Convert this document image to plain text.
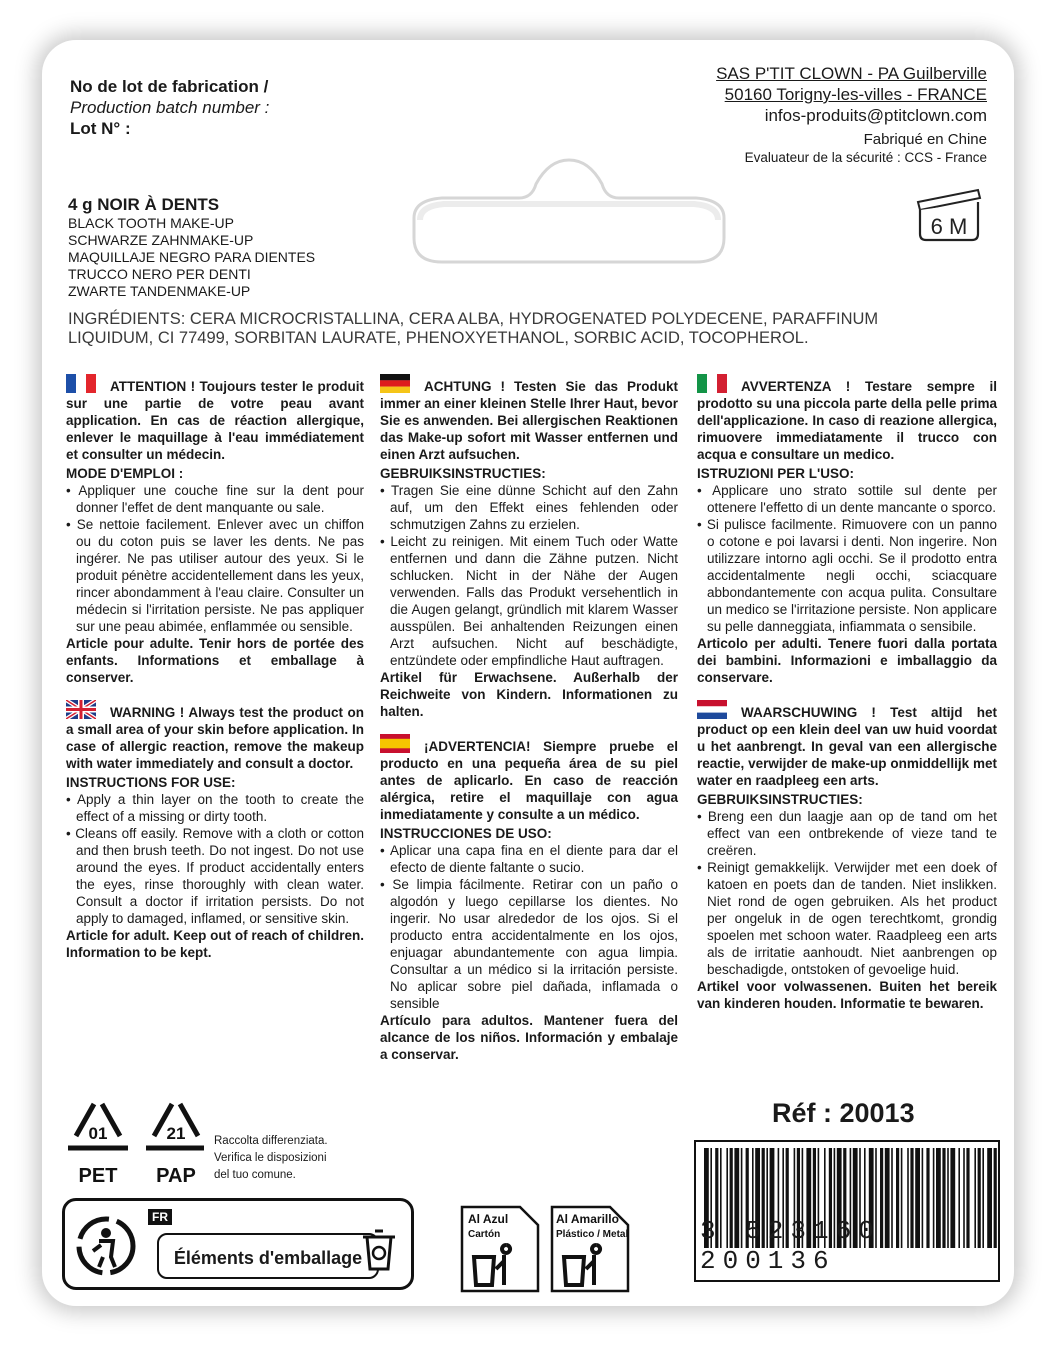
No de lot de fabrication /
Production batch number :
Lot N° :
SAS P'TIT CLOWN - PA Guilberville
50160 Torigny-les-villes - FRANCE
infos-produits@ptitclown.com
Fabriqué en Chine
Evaluateur de la sécurité : CCS - France
6 M
4 g NOIR À DENTS
BLACK TOOTH MAKE-UP
SCHWARZE ZAHNMAKE-UP
MAQUILLAJE NEGRO PARA DIENTES
TRUCCO NERO PER DENTI
ZWARTE TANDENMAKE-UP
INGRÉDIENTS: CERA MICROCRISTALLINA, CERA ALBA, HYDROGENATED POLYDECENE, PARAFFINUM LIQUIDUM, CI 77499, SORBITAN LAURATE, PHENOXYETHANOL, SORBIC ACID, TOCOPHEROL.

ATTENTION ! Toujours tester le produit sur une partie de votre peau avant application. En cas de réaction allergique, enlever le maquillage à l'eau immédiatement et consulter un médecin.

MODE D'EMPLOI :
• Appliquer une couche fine sur la dent pour donner l'effet de dent manquante ou sale.
• Se nettoie facilement. Enlever avec un chiffon ou du coton puis se laver les dents. Ne pas ingérer. Ne pas utiliser autour des yeux. Si le produit pénètre accidentellement dans les yeux, rincer abondamment à l'eau claire. Consulter un médecin si l'irritation persiste. Ne pas appliquer sur une peau abimée, enflammée ou sensible.

Article pour adulte. Tenir hors de portée des enfants. Informations et emballage à conserver.

WARNING ! Always test the product on a small area of your skin before application. In case of allergic reaction, remove the makeup with water immediately and consult a doctor.

INSTRUCTIONS FOR USE:
• Apply a thin layer on the tooth to create the effect of a missing or dirty tooth.
• Cleans off easily. Remove with a cloth or cotton and then brush teeth. Do not ingest. Do not use around the eyes. If product accidentally enters the eyes, rinse thoroughly with clean water. Consult a doctor if irritation persists. Do not apply to damaged, inflamed, or sensitive skin.

Article for adult. Keep out of reach of children. Information to be kept.

ACHTUNG ! Testen Sie das Produkt immer an einer kleinen Stelle Ihrer Haut, bevor Sie es anwenden. Bei allergischen Reaktionen das Make-up sofort mit Wasser entfernen und einen Arzt aufsuchen.

GEBRUIKSINSTRUCTIES:
• Tragen Sie eine dünne Schicht auf den Zahn auf, um den Effekt eines fehlenden oder schmutzigen Zahns zu erzielen.
• Leicht zu reinigen. Mit einem Tuch oder Watte entfernen und dann die Zähne putzen. Nicht schlucken. Nicht in der Nähe der Augen verwenden. Falls das Produkt versehentlich in die Augen gelangt, gründlich mit klarem Wasser ausspülen. Bei anhaltenden Reizungen einen Arzt aufsuchen. Nicht auf beschädigte, entzündete oder empfindliche Haut auftragen.

Artikel für Erwachsene. Außerhalb der Reichweite von Kindern. Informationen zu halten.

¡ADVERTENCIA! Siempre pruebe el producto en una pequeña área de su piel antes de aplicarlo. En caso de reacción alérgica, retire el maquillaje con agua inmediatamente y consulte a un médico.

INSTRUCCIONES DE USO:
• Aplicar una capa fina en el diente para dar el efecto de diente faltante o sucio.
• Se limpia fácilmente. Retirar con un paño o algodón y luego cepillarse los dientes. No ingerir. No usar alrededor de los ojos. Si el producto entra accidentalmente en los ojos, enjuagar abundantemente con agua limpia. Consultar a un médico si la irritación persiste. No aplicar sobre piel dañada, inflamada o sensible

Artículo para adultos. Mantener fuera del alcance de los niños. Información y embalaje a conservar.

AVVERTENZA ! Testare sempre il prodotto su una piccola parte della pelle prima dell'applicazione. In caso di reazione allergica, rimuovere immediatamente il trucco con acqua e consultare un medico.

ISTRUZIONI PER L'USO:
• Applicare uno strato sottile sul dente per ottenere l'effetto di un dente mancante o sporco.
• Si pulisce facilmente. Rimuovere con un panno o cotone e poi lavarsi i denti. Non ingerire. Non utilizzare intorno agli occhi. Se il prodotto entra accidentalmente negli occhi, sciacquare abbondantemente con acqua pulita. Consultare un medico se l'irritazione persiste. Non applicare su pelle danneggiata, infiammata o sensibile.

Articolo per adulti. Tenere fuori dalla portata dei bambini. Informazioni e imballaggio da conservare.

WAARSCHUWING ! Test altijd het product op een klein deel van uw huid voordat u het aanbrengt. In geval van een allergische reactie, verwijder de make-up onmiddellijk met water en raadpleeg een arts.

GEBRUIKSINSTRUCTIES:
• Breng een dun laagje aan op de tand om het effect van een ontbrekende of vieze tand te creëren.
• Reinigt gemakkelijk. Verwijder met een doek of katoen en poets dan de tanden. Niet inslikken. Niet rond de ogen gebruiken. Als het product per ongeluk in de ogen terechtkomt, grondig spoelen met schoon water. Raadpleeg een arts als de irritatie aanhoudt. Niet aanbrengen op beschadigde, ontstoken of gevoelige huid.

Artikel voor volwassenen. Buiten het bereik van kinderen houden. Informatie te bewaren.

Réf : 20013
3 523160 200136
01	21
PET PAP
Raccolta differenziata.
Verifica le disposizioni
del tuo comune.
FR
Éléments d'emballage
Al Azul
Cartón
Al Amarillo
Plástico / Metal
